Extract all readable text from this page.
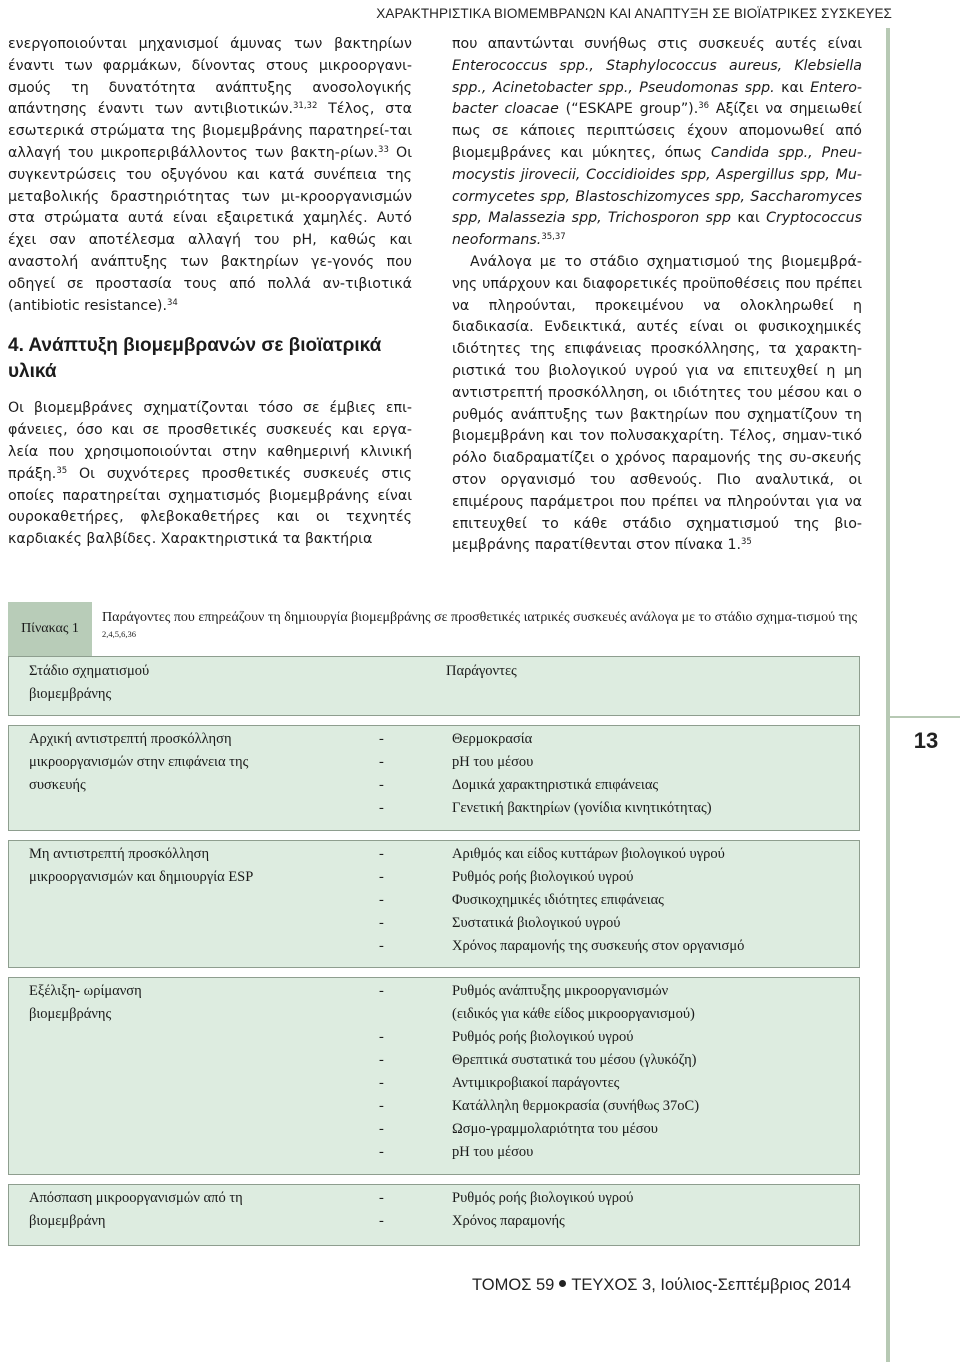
ΧΑΡΑΚΤΗΡΙΣΤΙΚΑ ΒΙΟΜΕΜΒΡΑΝΩΝ ΚΑΙ ΑΝΑΠΤΥΞΗ ΣΕ ΒΙΟΪΑΤΡΙΚΕΣ ΣΥΣΚΕΥΕΣ
13

ενεργοποιούνται μηχανισμοί άμυνας των βακτηρίων έναντι των φαρμάκων, δίνοντας στους μικροοργανι-σμούς τη δυνατότητα ανάπτυξης ανοσολογικής απάντησης έναντι των αντιβιοτικών.$^{31,32}$ Τέλος, στα εσωτερικά στρώματα της βιομεμβράνης παρατηρεί-ται αλλαγή του μικροπεριβάλλοντος των βακτη-ρίων.$^{33}$ Οι συγκεντρώσεις του οξυγόνου και κατά συνέπεια της μεταβολικής δραστηριότητας των μι-κροοργανισμών στα στρώματα αυτά είναι εξαιρετικά χαμηλές. Αυτό έχει σαν αποτέλεσμα αλλαγή του pH, καθώς και αναστολή ανάπτυξης των βακτηρίων γε-γονός που οδηγεί σε προστασία τους από πολλά αν-τιβιοτικά (antibiotic resistance).$^{34}$

4. Ανάπτυξη βιομεμβρανών σε βιοϊατρικά υλικά

Οι βιομεμβράνες σχηματίζονται τόσο σε έμβιες επι-φάνειες, όσο και σε προσθετικές συσκευές και εργα-λεία που χρησιμοποιούνται στην καθημερινή κλινική πράξη.$^{35}$ Οι συχνότερες προσθετικές συσκευές στις οποίες παρατηρείται σχηματισμός βιομεμβράνης είναι ουροκαθετήρες, φλεβοκαθετήρες και οι τεχνητές καρδιακές βαλβίδες. Χαρακτηριστικά τα βακτήρια

που απαντώνται συνήθως στις συσκευές αυτές είναι Enterococcus spp., Staphylococcus aureus, Klebsiella spp., Acinetobacter spp., Pseudomonas spp. και Entero-bacter cloacae (“ESKAPE group”).$^{36}$ Αξίζει να σημειωθεί πως σε κάποιες περιπτώσεις έχουν απομονωθεί από βιομεμβράνες και μύκητες, όπως Candida spp., Pneu-mocystis jirovecii, Coccidioides spp, Aspergillus spp, Mu-cormycetes spp, Blastoschizomyces spp, Saccharomyces spp, Malassezia spp, Trichosporon spp και Cryptococcus neoformans.$^{35,37}$

Ανάλογα με το στάδιο σχηματισμού της βιομεμβρά-νης υπάρχουν και διαφορετικές προϋποθέσεις που πρέπει να πληρούνται, προκειμένου να ολοκληρωθεί η διαδικασία. Ενδεικτικά, αυτές είναι οι φυσικοχημικές ιδιότητες της επιφάνειας προσκόλλησης, τα χαρακτη-ριστικά του βιολογικού υγρού για να επιτευχθεί η μη αντιστρεπτή προσκόλληση, οι ιδιότητες του μέσου και ο ρυθμός ανάπτυξης των βακτηρίων που σχηματίζουν τη βιομεμβράνη και τον πολυσακχαρίτη. Τέλος, σημαν-τικό ρόλο διαδραματίζει ο χρόνος παραμονής της συ-σκευής στον οργανισμό του ασθενούς. Πιο αναλυτικά, οι επιμέρους παράμετροι που πρέπει να πληρούνται για να επιτευχθεί το κάθε στάδιο σχηματισμού της βιο-μεμβράνης παρατίθενται στον πίνακα 1.35

Πίνακας 1
Παράγοντες που επηρεάζουν τη δημιουργία βιομεμβράνης σε προσθετικές ιατρικές συσκευές ανάλογα με το στάδιο σχημα-τισμού της $^{2,4,5,6,36}$
Στάδιο σχηματισμού βιομεμβράνης
Παράγοντες
Αρχική αντιστρεπτή προσκόλληση μικροοργανισμών στην επιφάνεια της συσκευής
-	Θερμοκρασία
-	pH του μέσου
-	Δομικά χαρακτηριστικά επιφάνειας
-	Γενετική βακτηρίων (γονίδια κινητικότητας)
Μη αντιστρεπτή προσκόλληση μικροοργανισμών και δημιουργία ESP
-	Αριθμός και είδος κυττάρων βιολογικού υγρού
-	Ρυθμός ροής βιολογικού υγρού
-	Φυσικοχημικές ιδιότητες επιφάνειας
-	Συστατικά βιολογικού υγρού
-	Χρόνος παραμονής της συσκευής στον οργανισμό
Εξέλιξη- ωρίμανση βιομεμβράνης
-	Ρυθμός ανάπτυξης μικροοργανισμών
(ειδικός για κάθε είδος μικροοργανισμού)
-	Ρυθμός ροής βιολογικού υγρού
-	Θρεπτικά συστατικά του μέσου (γλυκόζη)
-	Αντιμικροβιακοί παράγοντες
-	Κατάλληλη θερμοκρασία (συνήθως 37οC)
-	Ωσμο-γραμμολαριότητα του μέσου
-	pH του μέσου
Απόσπαση μικροοργανισμών από τη βιομεμβράνη
-	Ρυθμός ροής βιολογικού υγρού
-	Χρόνος παραμονής
ΤΟΜΟΣ 59 ΤΕΥΧΟΣ 3, Ιούλιος-Σεπτέμβριος 2014
